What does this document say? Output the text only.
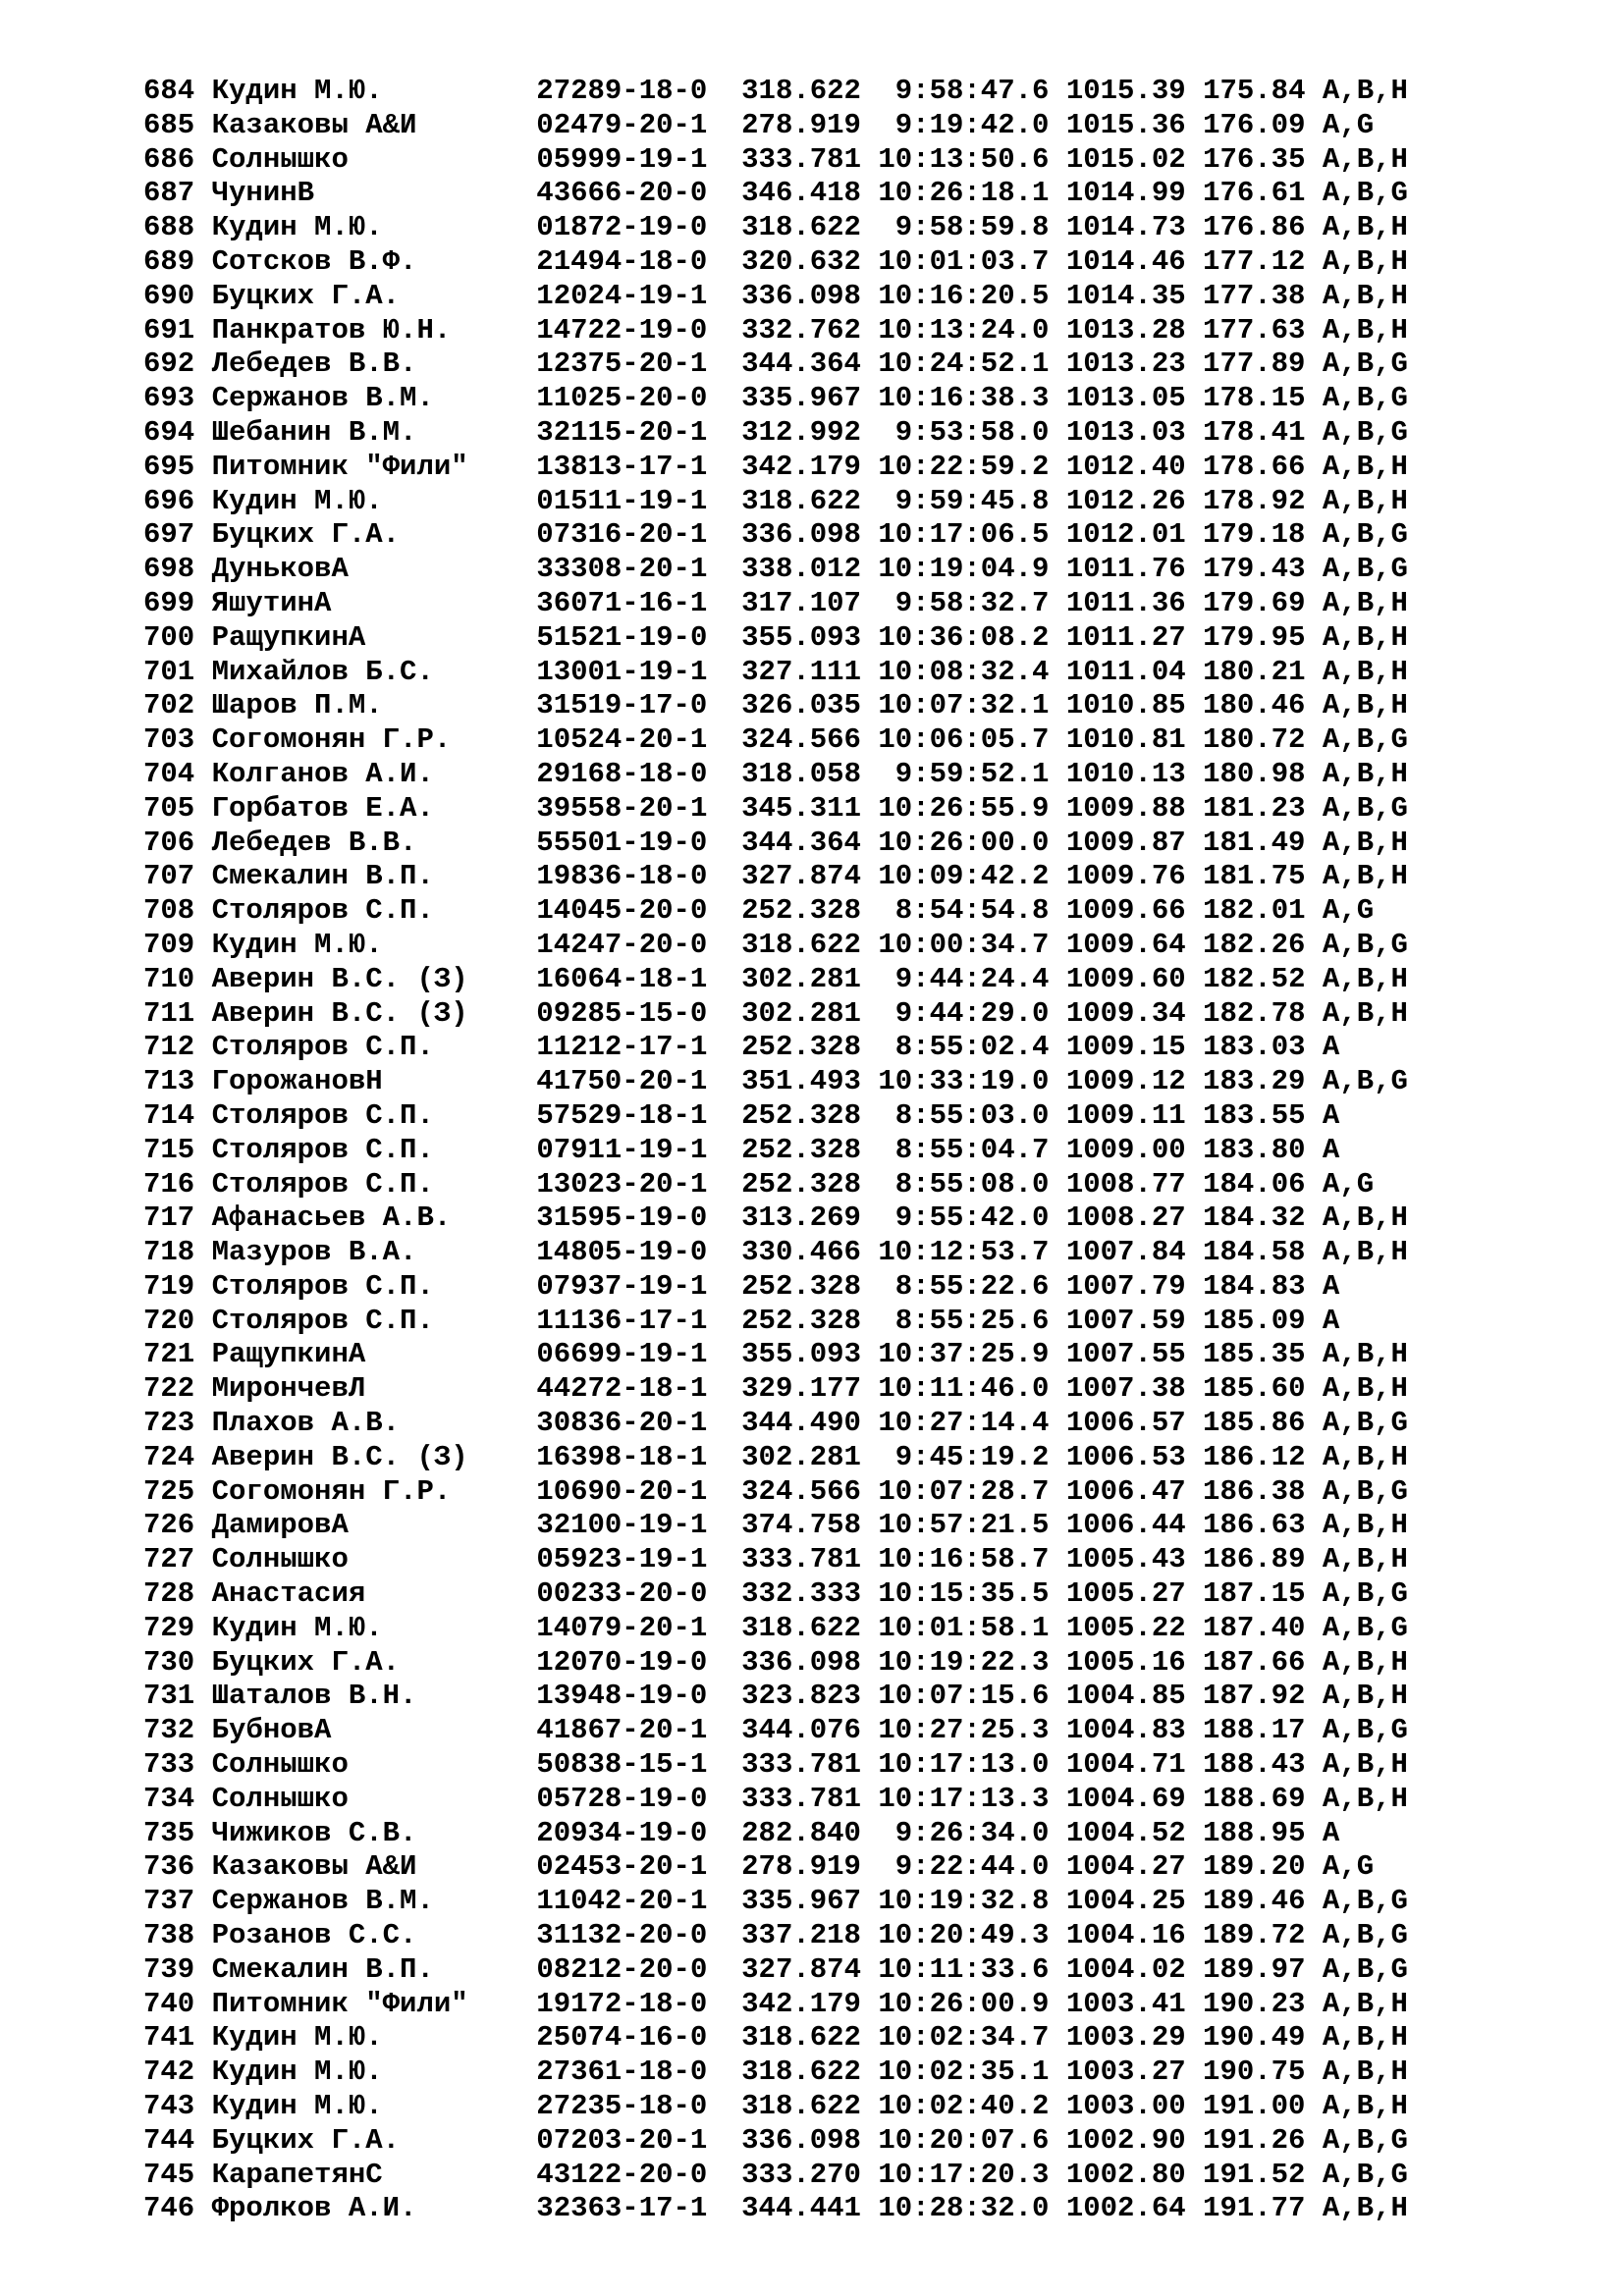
684 Кудин М.Ю.	27289-18-0 318.622 9:58:47.6 1015.39 175.84 A,B,H
685 Казаковы А&И	02479-20-1 278.919 9:19:42.0 1015.36 176.09 A,G
686 Солнышко	05999-19-1 333.781 10:13:50.6 1015.02 176.35 A,B,H
687 ЧунинВ	43666-20-0 346.418 10:26:18.1 1014.99 176.61 A,B,G
688 Кудин М.Ю.	01872-19-0 318.622 9:58:59.8 1014.73 176.86 A,B,H
689 Сотсков В.Ф.	21494-18-0 320.632 10:01:03.7 1014.46 177.12 A,B,H
690 Буцких Г.А.	12024-19-1 336.098 10:16:20.5 1014.35 177.38 A,B,H
691 Панкратов Ю.Н.	14722-19-0 332.762 10:13:24.0 1013.28 177.63 A,B,H
692 Лебедев В.В.	12375-20-1 344.364 10:24:52.1 1013.23 177.89 A,B,G
693 Сержанов В.М.	11025-20-0 335.967 10:16:38.3 1013.05 178.15 A,B,G
694 Шебанин В.М.	32115-20-1 312.992 9:53:58.0 1013.03 178.41 A,B,G
695 Питомник "Фили" 13813-17-1 342.179 10:22:59.2 1012.40 178.66 A,B,H
696 Кудин М.Ю.	01511-19-1 318.622 9:59:45.8 1012.26 178.92 A,B,H
697 Буцких Г.А.	07316-20-1 336.098 10:17:06.5 1012.01 179.18 A,B,G
698 ДуньковА	33308-20-1 338.012 10:19:04.9 1011.76 179.43 A,B,G
699 ЯшутинА	36071-16-1 317.107 9:58:32.7 1011.36 179.69 A,B,H
700 РащупкинА	51521-19-0 355.093 10:36:08.2 1011.27 179.95 A,B,H
701 Михайлов Б.С.	13001-19-1 327.111 10:08:32.4 1011.04 180.21 A,B,H
702 Шаров П.М.	31519-17-0 326.035 10:07:32.1 1010.85 180.46 A,B,H
703 Согомонян Г.Р.	10524-20-1 324.566 10:06:05.7 1010.81 180.72 A,B,G
704 Колганов А.И.	29168-18-0 318.058 9:59:52.1 1010.13 180.98 A,B,H
705 Горбатов Е.А.	39558-20-1 345.311 10:26:55.9 1009.88 181.23 A,B,G
706 Лебедев В.В.	55501-19-0 344.364 10:26:00.0 1009.87 181.49 A,B,H
707 Смекалин В.П.	19836-18-0 327.874 10:09:42.2 1009.76 181.75 A,B,H
708 Столяров С.П.	14045-20-0 252.328 8:54:54.8 1009.66 182.01 A,G
709 Кудин М.Ю.	14247-20-0 318.622 10:00:34.7 1009.64 182.26 A,B,G
710 Аверин В.С. (З) 16064-18-1 302.281 9:44:24.4 1009.60 182.52 A,B,H
711 Аверин В.С. (З) 09285-15-0 302.281 9:44:29.0 1009.34 182.78 A,B,H
712 Столяров С.П.	11212-17-1 252.328 8:55:02.4 1009.15 183.03 A
713 ГорожановН	41750-20-1 351.493 10:33:19.0 1009.12 183.29 A,B,G
714 Столяров С.П.	57529-18-1 252.328 8:55:03.0 1009.11 183.55 A
715 Столяров С.П.	07911-19-1 252.328 8:55:04.7 1009.00 183.80 A
716 Столяров С.П.	13023-20-1 252.328 8:55:08.0 1008.77 184.06 A,G
717 Афанасьев А.В.	31595-19-0 313.269 9:55:42.0 1008.27 184.32 A,B,H
718 Мазуров В.А.	14805-19-0 330.466 10:12:53.7 1007.84 184.58 A,B,H
719 Столяров С.П.	07937-19-1 252.328 8:55:22.6 1007.79 184.83 A
720 Столяров С.П.	11136-17-1 252.328 8:55:25.6 1007.59 185.09 A
721 РащупкинА	06699-19-1 355.093 10:37:25.9 1007.55 185.35 A,B,H
722 МирончевЛ	44272-18-1 329.177 10:11:46.0 1007.38 185.60 A,B,H
723 Плахов А.В.	30836-20-1 344.490 10:27:14.4 1006.57 185.86 A,B,G
724 Аверин В.С. (З) 16398-18-1 302.281 9:45:19.2 1006.53 186.12 A,B,H
725 Согомонян Г.Р.	10690-20-1 324.566 10:07:28.7 1006.47 186.38 A,B,G
726 ДамировА	32100-19-1 374.758 10:57:21.5 1006.44 186.63 A,B,H
727 Солнышко	05923-19-1 333.781 10:16:58.7 1005.43 186.89 A,B,H
728 Анастасия	00233-20-0 332.333 10:15:35.5 1005.27 187.15 A,B,G
729 Кудин М.Ю.	14079-20-1 318.622 10:01:58.1 1005.22 187.40 A,B,G
730 Буцких Г.А.	12070-19-0 336.098 10:19:22.3 1005.16 187.66 A,B,H
731 Шаталов В.Н.	13948-19-0 323.823 10:07:15.6 1004.85 187.92 A,B,H
732 БубновА	41867-20-1 344.076 10:27:25.3 1004.83 188.17 A,B,G
733 Солнышко	50838-15-1 333.781 10:17:13.0 1004.71 188.43 A,B,H
734 Солнышко	05728-19-0 333.781 10:17:13.3 1004.69 188.69 A,B,H
735 Чижиков С.В.	20934-19-0 282.840 9:26:34.0 1004.52 188.95 A
736 Казаковы А&И	02453-20-1 278.919 9:22:44.0 1004.27 189.20 A,G
737 Сержанов В.М.	11042-20-1 335.967 10:19:32.8 1004.25 189.46 A,B,G
738 Розанов С.С.	31132-20-0 337.218 10:20:49.3 1004.16 189.72 A,B,G
739 Смекалин В.П.	08212-20-0 327.874 10:11:33.6 1004.02 189.97 A,B,G
740 Питомник "Фили" 19172-18-0 342.179 10:26:00.9 1003.41 190.23 A,B,H
741 Кудин М.Ю.	25074-16-0 318.622 10:02:34.7 1003.29 190.49 A,B,H
742 Кудин М.Ю.	27361-18-0 318.622 10:02:35.1 1003.27 190.75 A,B,H
743 Кудин М.Ю.	27235-18-0 318.622 10:02:40.2 1003.00 191.00 A,B,H
744 Буцких Г.А.	07203-20-1 336.098 10:20:07.6 1002.90 191.26 A,B,G
745 КарапетянС	43122-20-0 333.270 10:17:20.3 1002.80 191.52 A,B,G
746 Фролков А.И.	32363-17-1 344.441 10:28:32.0 1002.64 191.77 A,B,H
